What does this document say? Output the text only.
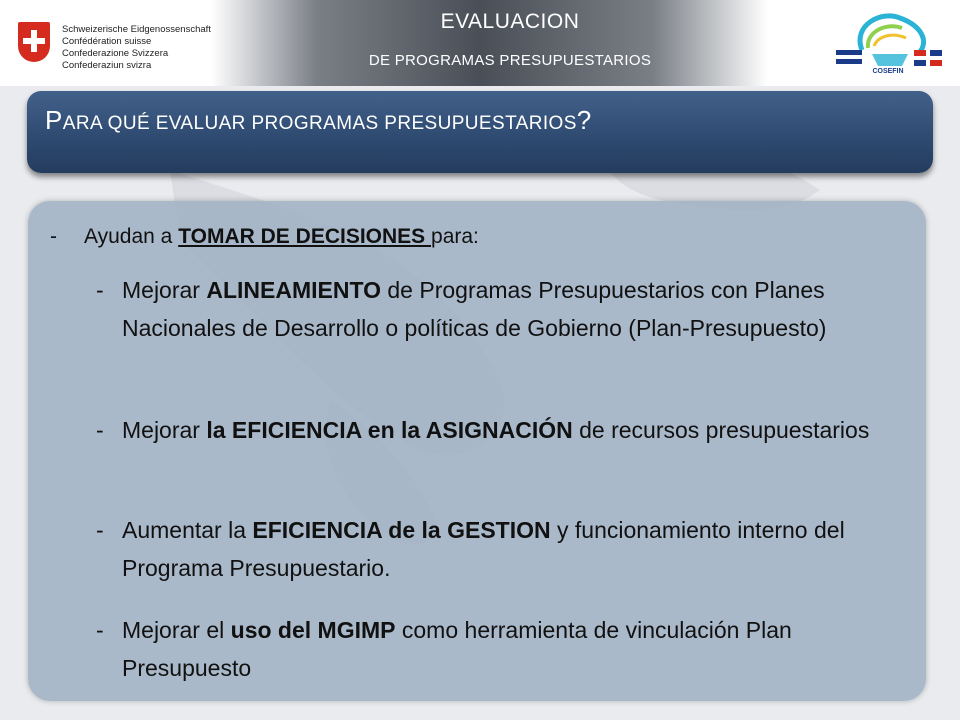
Schweizerische Eidgenossenschaft
Confédération suisse
Confederazione Svizzera
Confederaziun svizra
EVALUACION
DE PROGRAMAS PRESUPUESTARIOS
COSEFIN
PARA QUÉ EVALUAR PROGRAMAS PRESUPUESTARIOS?
- Ayudan a TOMAR DE DECISIONES para:
- Mejorar ALINEAMIENTO de Programas Presupuestarios con Planes Nacionales de Desarrollo o políticas de Gobierno (Plan-Presupuesto)
- Mejorar la EFICIENCIA en la ASIGNACIÓN de recursos presupuestarios
- Aumentar la EFICIENCIA de la GESTION y funcionamiento interno del Programa Presupuestario.
- Mejorar el uso del MGIMP como herramienta de vinculación Plan Presupuesto
